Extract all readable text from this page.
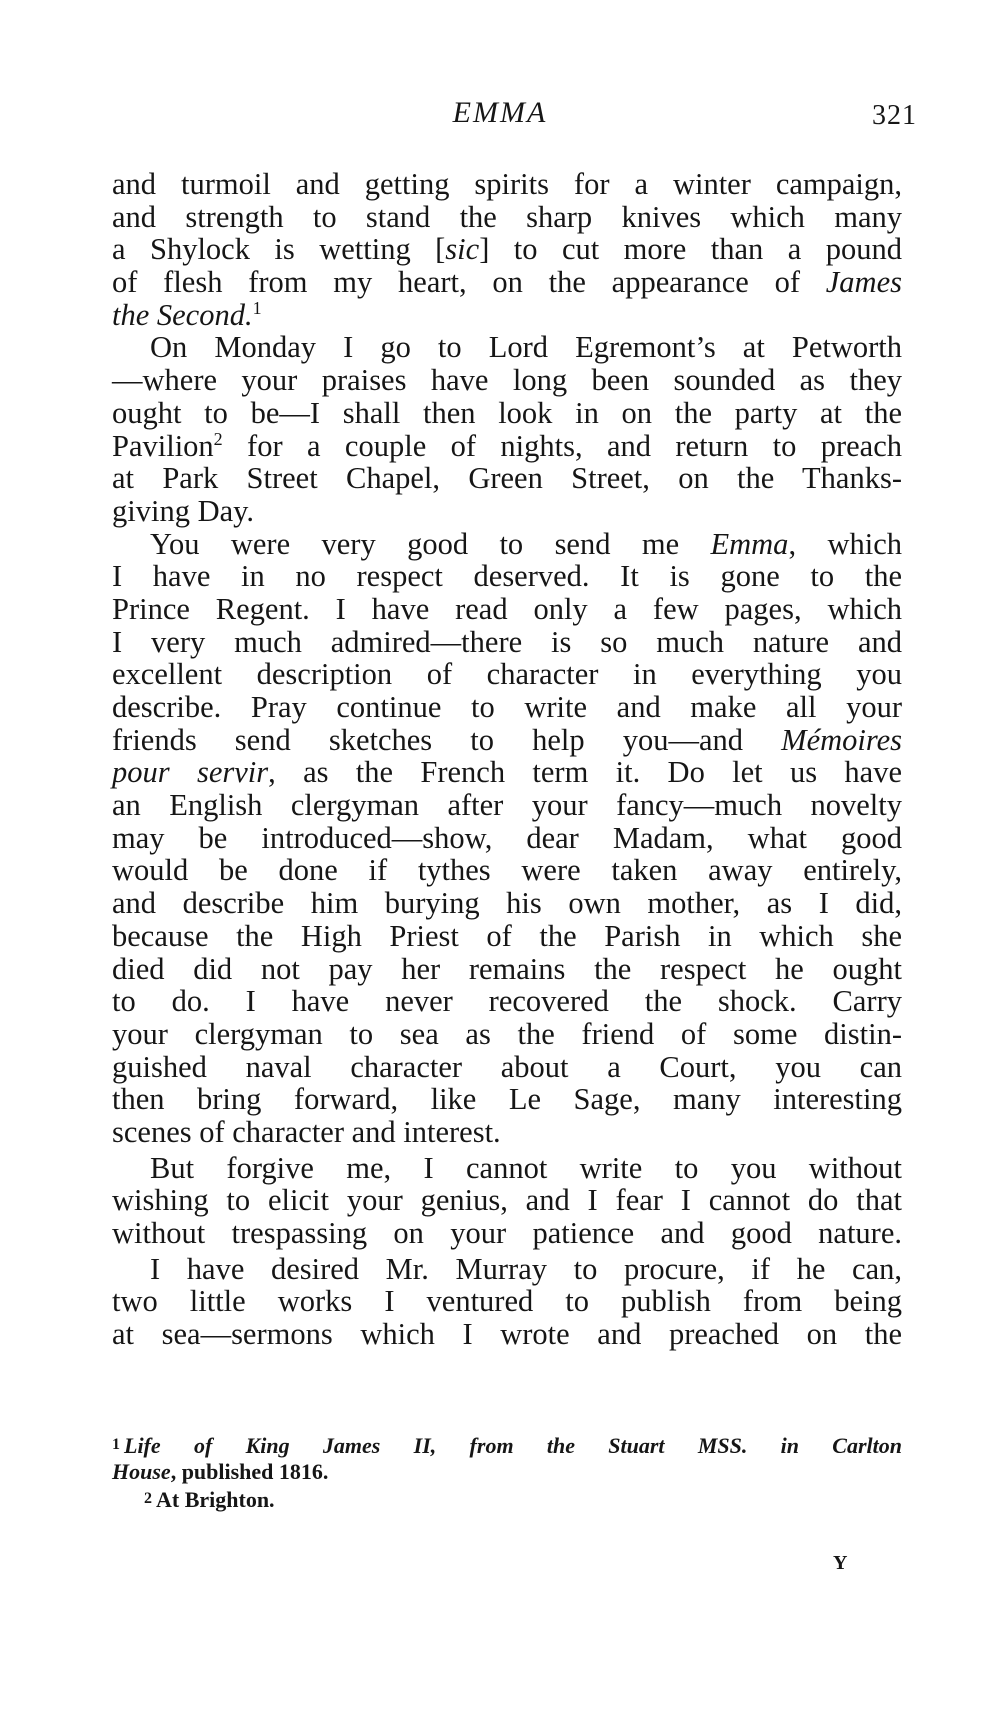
EMMA	321
and turmoil and getting spirits for a winter campaign,
and strength to stand the sharp knives which many
a Shylock is wetting [sic] to cut more than a pound
of flesh from my heart, on the appearance of James
the Second.$^1$
On Monday I go to Lord Egremont’s at Petworth
—where your praises have long been sounded as they
ought to be—I shall then look in on the party at the
Pavilion$^2$ for a couple of nights, and return to preach
at Park Street Chapel, Green Street, on the Thanks-
giving Day.
You were very good to send me Emma, which
I have in no respect deserved. It is gone to the
Prince Regent. I have read only a few pages, which
I very much admired—there is so much nature and
excellent description of character in everything you
describe. Pray continue to write and make all your
friends send sketches to help you—and Mémoires
pour servir, as the French term it. Do let us have
an English clergyman after your fancy—much novelty
may be introduced—show, dear Madam, what good
would be done if tythes were taken away entirely,
and describe him burying his own mother, as I did,
because the High Priest of the Parish in which she
died did not pay her remains the respect he ought
to do. I have never recovered the shock. Carry
your clergyman to sea as the friend of some distin-
guished naval character about a Court, you can
then bring forward, like Le Sage, many interesting
scenes of character and interest.
But forgive me, I cannot write to you without
wishing to elicit your genius, and I fear I cannot do that
without trespassing on your patience and good nature.
I have desired Mr. Murray to procure, if he can,
two little works I ventured to publish from being
at sea—sermons which I wrote and preached on the
1 Life of King James II, from the Stuart MSS. in Carlton
House, published 1816.
2 At Brighton.
Y
